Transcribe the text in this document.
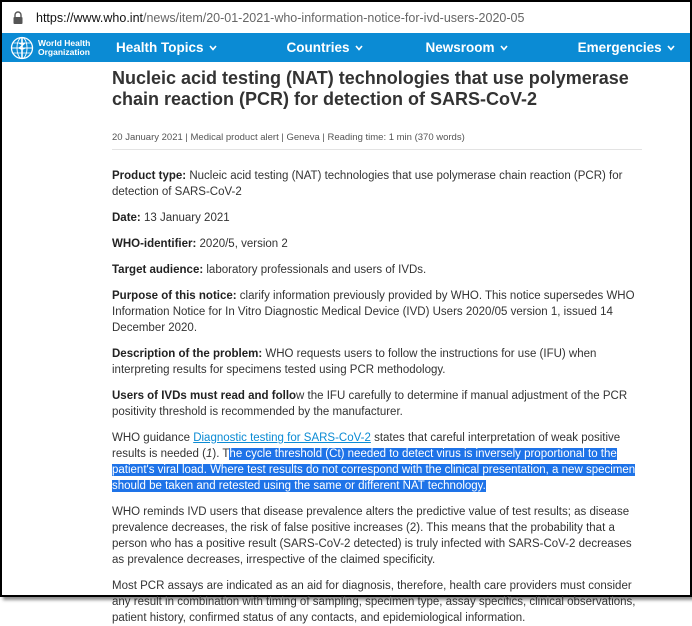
https://www.who.int /news/item/20-01-2021-who-information-notice-for-ivd-users-2020-05
World Health
Organization Health Topics	Countries	Newsroom	Emergencies
Nucleic acid testing (NAT) technologies that use polymerase chain reaction (PCR) for detection of SARS-CoV-2
20 January 2021 | Medical product alert | Geneva | Reading time: 1 min (370 words)

Product type: Nucleic acid testing (NAT) technologies that use polymerase chain reaction (PCR) for detection of SARS-CoV-2

Date: 13 January 2021

WHO-identifier: 2020/5, version 2

Target audience: laboratory professionals and users of IVDs.

Purpose of this notice: clarify information previously provided by WHO. This notice supersedes WHO Information Notice for In Vitro Diagnostic Medical Device (IVD) Users 2020/05 version 1, issued 14 December 2020.

Description of the problem: WHO requests users to follow the instructions for use (IFU) when interpreting results for specimens tested using PCR methodology.

Users of IVDs must read and follow the IFU carefully to determine if manual adjustment of the PCR positivity threshold is recommended by the manufacturer.

WHO guidance Diagnostic testing for SARS-CoV-2 states that careful interpretation of weak positive results is needed (1). The cycle threshold (Ct) needed to detect virus is inversely proportional to the patient's viral load. Where test results do not correspond with the clinical presentation, a new specimen should be taken and retested using the same or different NAT technology.

WHO reminds IVD users that disease prevalence alters the predictive value of test results; as disease prevalence decreases, the risk of false positive increases (2). This means that the probability that a person who has a positive result (SARS-CoV-2 detected) is truly infected with SARS-CoV-2 decreases as prevalence decreases, irrespective of the claimed specificity.

Most PCR assays are indicated as an aid for diagnosis, therefore, health care providers must consider any result in combination with timing of sampling, specimen type, assay specifics, clinical observations, patient history, confirmed status of any contacts, and epidemiological information.
